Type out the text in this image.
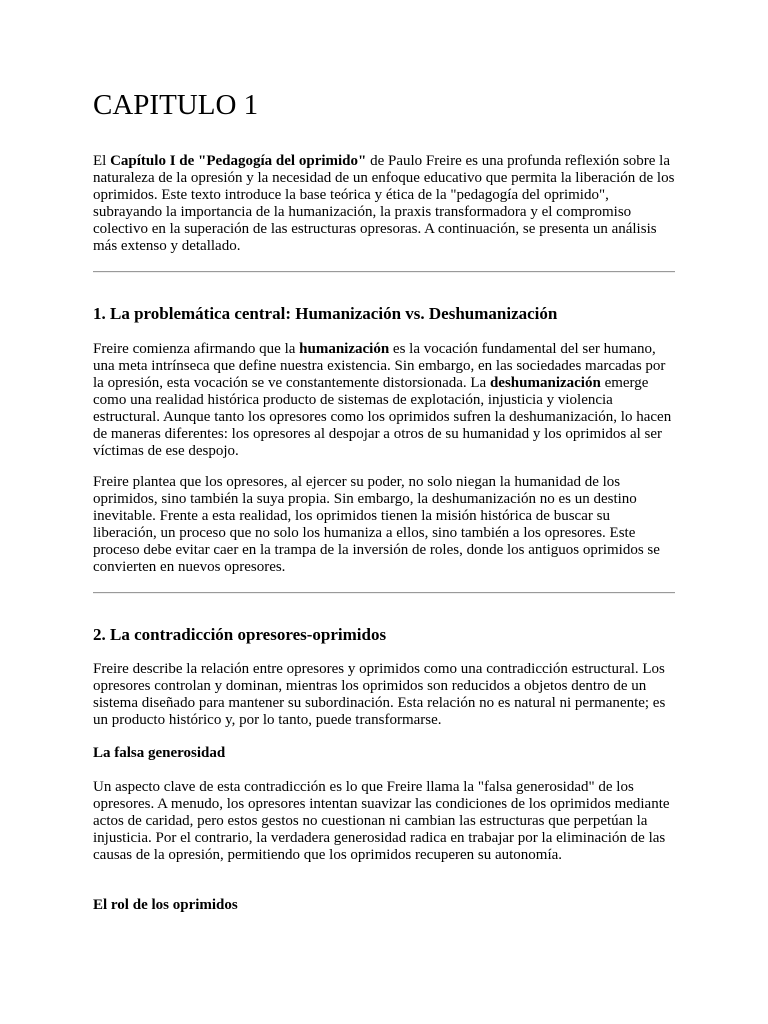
CAPITULO 1

El Capítulo I de "Pedagogía del oprimido" de Paulo Freire es una profunda reflexión sobre la naturaleza de la opresión y la necesidad de un enfoque educativo que permita la liberación de los oprimidos. Este texto introduce la base teórica y ética de la "pedagogía del oprimido", subrayando la importancia de la humanización, la praxis transformadora y el compromiso colectivo en la superación de las estructuras opresoras. A continuación, se presenta un análisis más extenso y detallado.

1. La problemática central: Humanización vs. Deshumanización

Freire comienza afirmando que la humanización es la vocación fundamental del ser humano, una meta intrínseca que define nuestra existencia. Sin embargo, en las sociedades marcadas por la opresión, esta vocación se ve constantemente distorsionada. La deshumanización emerge como una realidad histórica producto de sistemas de explotación, injusticia y violencia estructural. Aunque tanto los opresores como los oprimidos sufren la deshumanización, lo hacen de maneras diferentes: los opresores al despojar a otros de su humanidad y los oprimidos al ser víctimas de ese despojo.

Freire plantea que los opresores, al ejercer su poder, no solo niegan la humanidad de los oprimidos, sino también la suya propia. Sin embargo, la deshumanización no es un destino inevitable. Frente a esta realidad, los oprimidos tienen la misión histórica de buscar su liberación, un proceso que no solo los humaniza a ellos, sino también a los opresores. Este proceso debe evitar caer en la trampa de la inversión de roles, donde los antiguos oprimidos se convierten en nuevos opresores.

2. La contradicción opresores-oprimidos

Freire describe la relación entre opresores y oprimidos como una contradicción estructural. Los opresores controlan y dominan, mientras los oprimidos son reducidos a objetos dentro de un sistema diseñado para mantener su subordinación. Esta relación no es natural ni permanente; es un producto histórico y, por lo tanto, puede transformarse.

La falsa generosidad

Un aspecto clave de esta contradicción es lo que Freire llama la "falsa generosidad" de los opresores. A menudo, los opresores intentan suavizar las condiciones de los oprimidos mediante actos de caridad, pero estos gestos no cuestionan ni cambian las estructuras que perpetúan la injusticia. Por el contrario, la verdadera generosidad radica en trabajar por la eliminación de las causas de la opresión, permitiendo que los oprimidos recuperen su autonomía.

El rol de los oprimidos
